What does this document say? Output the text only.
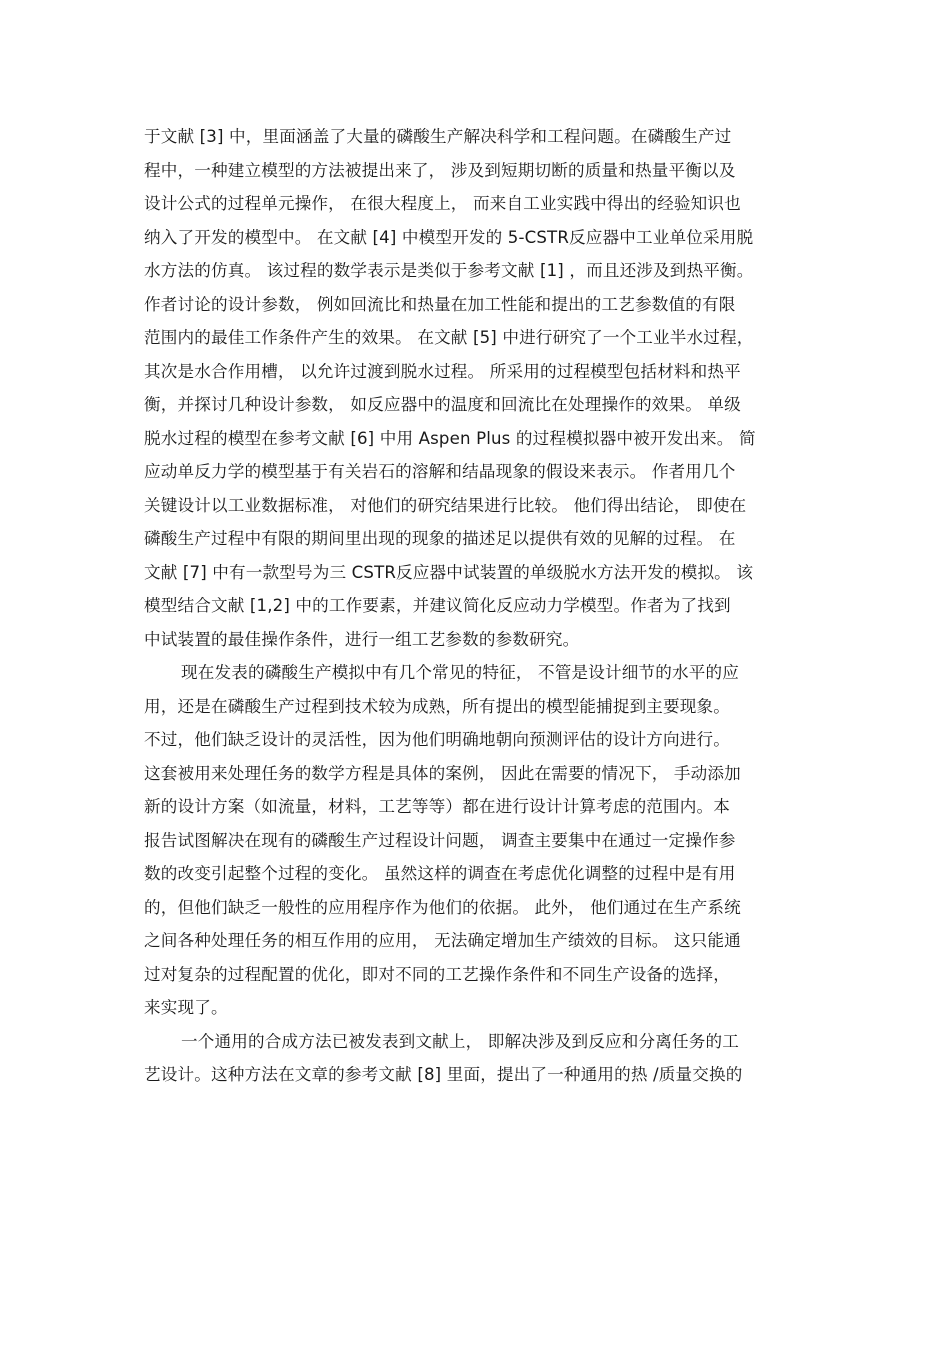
于文献 [3] 中，里面涵盖了大量的磷酸生产解决科学和工程问题。在磷酸生产过
程中，一种建立模型的方法被提出来了， 涉及到短期切断的质量和热量平衡以及
设计公式的过程单元操作， 在很大程度上， 而来自工业实践中得出的经验知识也
纳入了开发的模型中。 在文献 [4] 中模型开发的 5-CSTR反应器中工业单位采用脱
水方法的仿真。 该过程的数学表示是类似于参考文献 [1] ，而且还涉及到热平衡。
作者讨论的设计参数， 例如回流比和热量在加工性能和提出的工艺参数值的有限
范围内的最佳工作条件产生的效果。 在文献 [5] 中进行研究了一个工业半水过程，
其次是水合作用槽， 以允许过渡到脱水过程。 所采用的过程模型包括材料和热平
衡，并探讨几种设计参数， 如反应器中的温度和回流比在处理操作的效果。 单级
脱水过程的模型在参考文献 [6] 中用 Aspen Plus 的过程模拟器中被开发出来。 简
应动单反力学的模型基于有关岩石的溶解和结晶现象的假设来表示。 作者用几个
关键设计以工业数据标准， 对他们的研究结果进行比较。 他们得出结论， 即使在
磷酸生产过程中有限的期间里出现的现象的描述足以提供有效的见解的过程。 在
文献 [7] 中有一款型号为三 CSTR反应器中试装置的单级脱水方法开发的模拟。 该
模型结合文献 [1,2] 中的工作要素，并建议简化反应动力学模型。作者为了找到
中试装置的最佳操作条件，进行一组工艺参数的参数研究。
现在发表的磷酸生产模拟中有几个常见的特征， 不管是设计细节的水平的应
用，还是在磷酸生产过程到技术较为成熟，所有提出的模型能捕捉到主要现象。
不过，他们缺乏设计的灵活性，因为他们明确地朝向预测评估的设计方向进行。
这套被用来处理任务的数学方程是具体的案例， 因此在需要的情况下， 手动添加
新的设计方案（如流量，材料，工艺等等）都在进行设计计算考虑的范围内。本
报告试图解决在现有的磷酸生产过程设计问题， 调查主要集中在通过一定操作参
数的改变引起整个过程的变化。 虽然这样的调查在考虑优化调整的过程中是有用
的，但他们缺乏一般性的应用程序作为他们的依据。 此外， 他们通过在生产系统
之间各种处理任务的相互作用的应用， 无法确定增加生产绩效的目标。 这只能通
过对复杂的过程配置的优化，即对不同的工艺操作条件和不同生产设备的选择，
来实现了。
一个通用的合成方法已被发表到文献上， 即解决涉及到反应和分离任务的工
艺设计。这种方法在文章的参考文献 [8] 里面，提出了一种通用的热 /质量交换的
